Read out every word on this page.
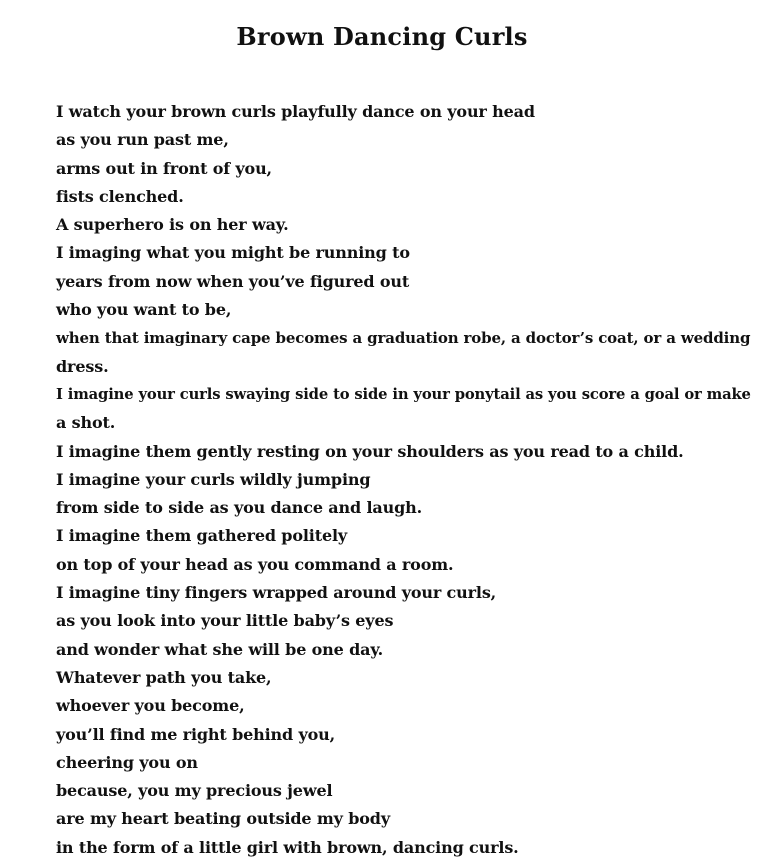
Brown Dancing Curls
I watch your brown curls playfully dance on your head
as you run past me,
arms out in front of you,
fists clenched.
A superhero is on her way.
I imaging what you might be running to
years from now when you’ve figured out
who you want to be,
when that imaginary cape becomes a graduation robe, a doctor’s coat, or a wedding
dress.
I imagine your curls swaying side to side in your ponytail as you score a goal or make
a shot.
I imagine them gently resting on your shoulders as you read to a child.
I imagine your curls wildly jumping
from side to side as you dance and laugh.
I imagine them gathered politely
on top of your head as you command a room.
I imagine tiny fingers wrapped around your curls,
as you look into your little baby’s eyes
and wonder what she will be one day.
Whatever path you take,
whoever you become,
you’ll find me right behind you,
cheering you on
because, you my precious jewel
are my heart beating outside my body
in the form of a little girl with brown, dancing curls.
